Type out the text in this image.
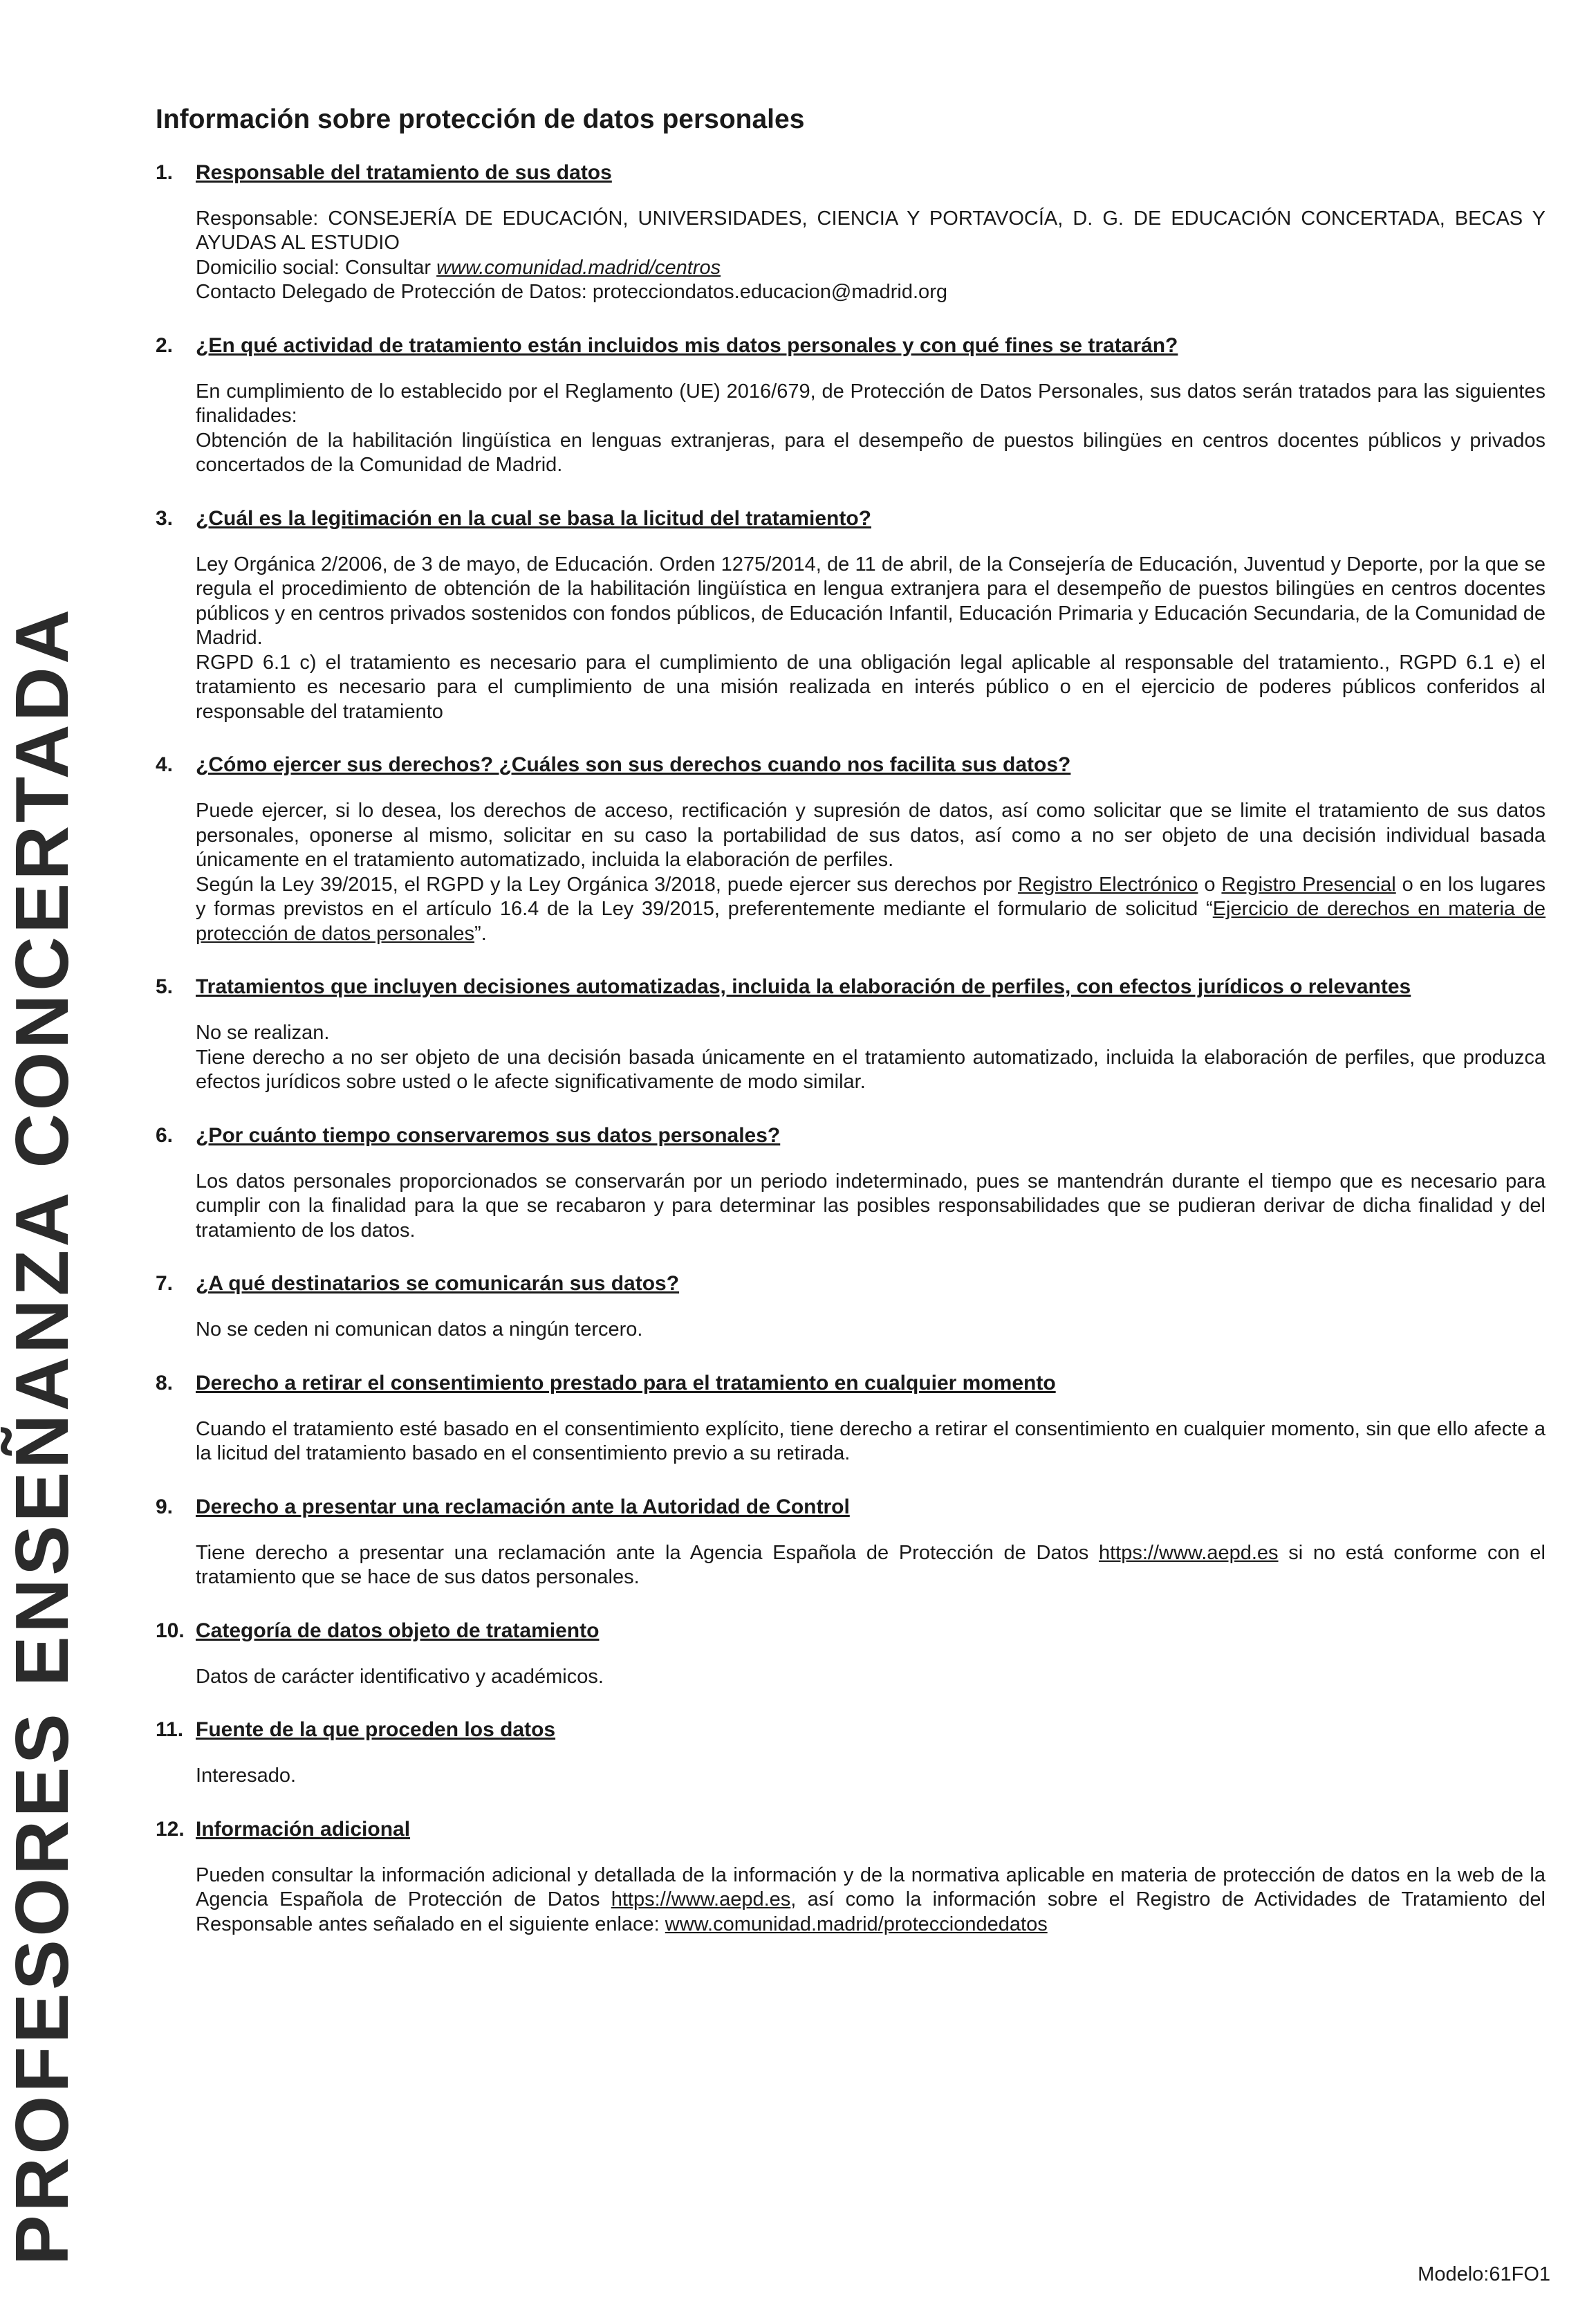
PROFESORES ENSEÑANZA CONCERTADA
Información sobre protección de datos personales
1. Responsable del tratamiento de sus datos

Responsable: CONSEJERÍA DE EDUCACIÓN, UNIVERSIDADES, CIENCIA Y PORTAVOCÍA, D. G. DE EDUCACIÓN CONCERTADA, BECAS Y AYUDAS AL ESTUDIO

Domicilio social: Consultar www.comunidad.madrid/centros

Contacto Delegado de Protección de Datos: protecciondatos.educacion@madrid.org

2. ¿En qué actividad de tratamiento están incluidos mis datos personales y con qué fines se tratarán?

En cumplimiento de lo establecido por el Reglamento (UE) 2016/679, de Protección de Datos Personales, sus datos serán tratados para las siguientes finalidades:

Obtención de la habilitación lingüística en lenguas extranjeras, para el desempeño de puestos bilingües en centros docentes públicos y privados concertados de la Comunidad de Madrid.

3. ¿Cuál es la legitimación en la cual se basa la licitud del tratamiento?

Ley Orgánica 2/2006, de 3 de mayo, de Educación. Orden 1275/2014, de 11 de abril, de la Consejería de Educación, Juventud y Deporte, por la que se regula el procedimiento de obtención de la habilitación lingüística en lengua extranjera para el desempeño de puestos bilingües en centros docentes públicos y en centros privados sostenidos con fondos públicos, de Educación Infantil, Educación Primaria y Educación Secundaria, de la Comunidad de Madrid.

RGPD 6.1 c) el tratamiento es necesario para el cumplimiento de una obligación legal aplicable al responsable del tratamiento., RGPD 6.1 e) el tratamiento es necesario para el cumplimiento de una misión realizada en interés público o en el ejercicio de poderes públicos conferidos al responsable del tratamiento

4. ¿Cómo ejercer sus derechos? ¿Cuáles son sus derechos cuando nos facilita sus datos?

Puede ejercer, si lo desea, los derechos de acceso, rectificación y supresión de datos, así como solicitar que se limite el tratamiento de sus datos personales, oponerse al mismo, solicitar en su caso la portabilidad de sus datos, así como a no ser objeto de una decisión individual basada únicamente en el tratamiento automatizado, incluida la elaboración de perfiles.

Según la Ley 39/2015, el RGPD y la Ley Orgánica 3/2018, puede ejercer sus derechos por Registro Electrónico o Registro Presencial o en los lugares y formas previstos en el artículo 16.4 de la Ley 39/2015, preferentemente mediante el formulario de solicitud “Ejercicio de derechos en materia de protección de datos personales”.

5. Tratamientos que incluyen decisiones automatizadas, incluida la elaboración de perfiles, con efectos jurídicos o relevantes

No se realizan.

Tiene derecho a no ser objeto de una decisión basada únicamente en el tratamiento automatizado, incluida la elaboración de perfiles, que produzca efectos jurídicos sobre usted o le afecte significativamente de modo similar.

6. ¿Por cuánto tiempo conservaremos sus datos personales?

Los datos personales proporcionados se conservarán por un periodo indeterminado, pues se mantendrán durante el tiempo que es necesario para cumplir con la finalidad para la que se recabaron y para determinar las posibles responsabilidades que se pudieran derivar de dicha finalidad y del tratamiento de los datos.

7. ¿A qué destinatarios se comunicarán sus datos?

No se ceden ni comunican datos a ningún tercero.

8. Derecho a retirar el consentimiento prestado para el tratamiento en cualquier momento

Cuando el tratamiento esté basado en el consentimiento explícito, tiene derecho a retirar el consentimiento en cualquier momento, sin que ello afecte a la licitud del tratamiento basado en el consentimiento previo a su retirada.

9. Derecho a presentar una reclamación ante la Autoridad de Control

Tiene derecho a presentar una reclamación ante la Agencia Española de Protección de Datos https://www.aepd.es si no está conforme con el tratamiento que se hace de sus datos personales.

10. Categoría de datos objeto de tratamiento

Datos de carácter identificativo y académicos.

11. Fuente de la que proceden los datos

Interesado.

12. Información adicional

Pueden consultar la información adicional y detallada de la información y de la normativa aplicable en materia de protección de datos en la web de la Agencia Española de Protección de Datos https://www.aepd.es, así como la información sobre el Registro de Actividades de Tratamiento del Responsable antes señalado en el siguiente enlace: www.comunidad.madrid/protecciondedatos

Modelo:61FO1
